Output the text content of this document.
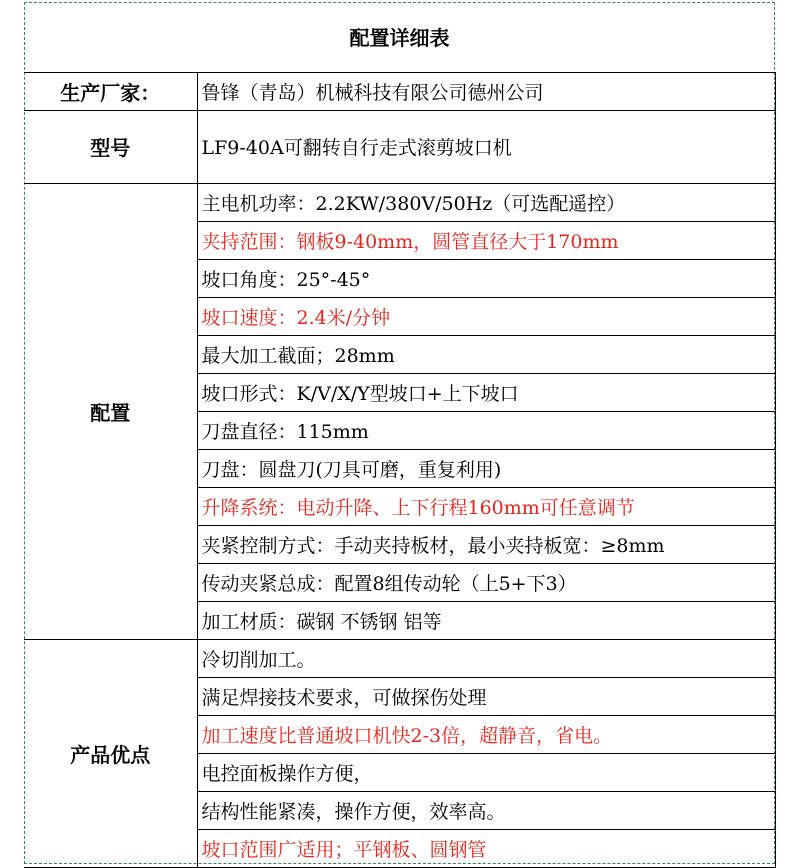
配置详细表	
生产厂家：	鲁锋（青岛）机械科技有限公司德州公司
型号	LF9-40A可翻转自行走式滚剪坡口机
配置	主电机功率：2.2KW/380V/50Hz（可选配遥控）
	夹持范围：钢板9-40mm，圆管直径大于170mm
	坡口角度：25°-45°
	坡口速度：2.4米/分钟
	最大加工截面；28mm
	坡口形式：K/V/X/Y型坡口+上下坡口
	刀盘直径：115mm
	刀盘：圆盘刀(刀具可磨，重复利用)
	升降系统：电动升降、上下行程160mm可任意调节
	夹紧控制方式：手动夹持板材，最小夹持板宽：≥8mm
	传动夹紧总成：配置8组传动轮（上5+下3）
	加工材质：碳钢 不锈钢 铝等
产品优点	冷切削加工。
	满足焊接技术要求，可做探伤处理
	加工速度比普通坡口机快2-3倍，超静音，省电。
	电控面板操作方便，
	结构性能紧凑，操作方便，效率高。
	坡口范围广适用；平钢板、圆钢管
